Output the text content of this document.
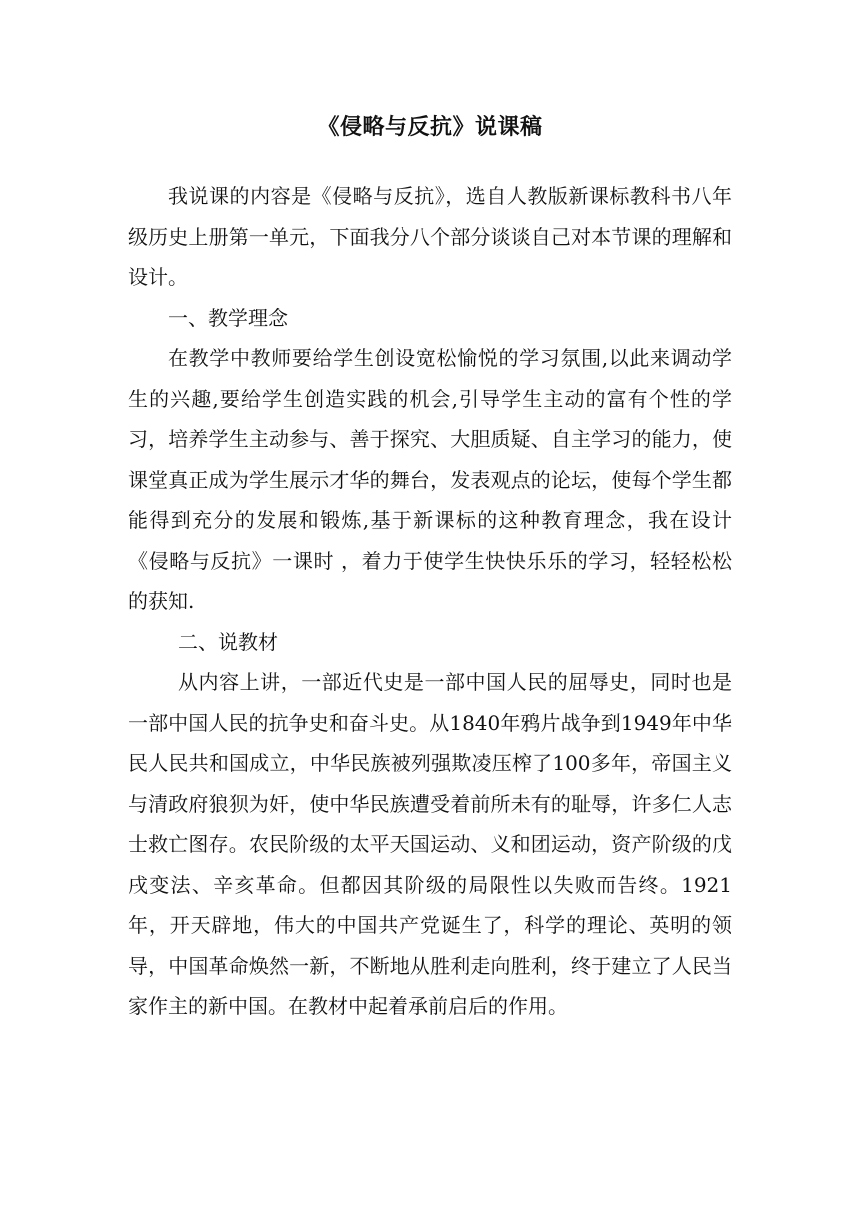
《侵略与反抗》说课稿

我说课的内容是《侵略与反抗》，选自人教版新课标教科书八年级历史上册第一单元，下面我分八个部分谈谈自己对本节课的理解和设计。

一、教学理念

在教学中教师要给学生创设宽松愉悦的学习氛围,以此来调动学生的兴趣,要给学生创造实践的机会,引导学生主动的富有个性的学习，培养学生主动参与、善于探究、大胆质疑、自主学习的能力，使课堂真正成为学生展示才华的舞台，发表观点的论坛，使每个学生都能得到充分的发展和锻炼,基于新课标的这种教育理念，我在设计《侵略与反抗》一课时 ，着力于使学生快快乐乐的学习，轻轻松松的获知.

二、说教材

从内容上讲，一部近代史是一部中国人民的屈辱史，同时也是一部中国人民的抗争史和奋斗史。从1840年鸦片战争到1949年中华民人民共和国成立，中华民族被列强欺凌压榨了100多年，帝国主义与清政府狼狈为奸，使中华民族遭受着前所未有的耻辱，许多仁人志士救亡图存。农民阶级的太平天国运动、义和团运动，资产阶级的戊戌变法、辛亥革命。但都因其阶级的局限性以失败而告终。1921年，开天辟地，伟大的中国共产党诞生了，科学的理论、英明的领导，中国革命焕然一新，不断地从胜利走向胜利，终于建立了人民当家作主的新中国。在教材中起着承前启后的作用。
